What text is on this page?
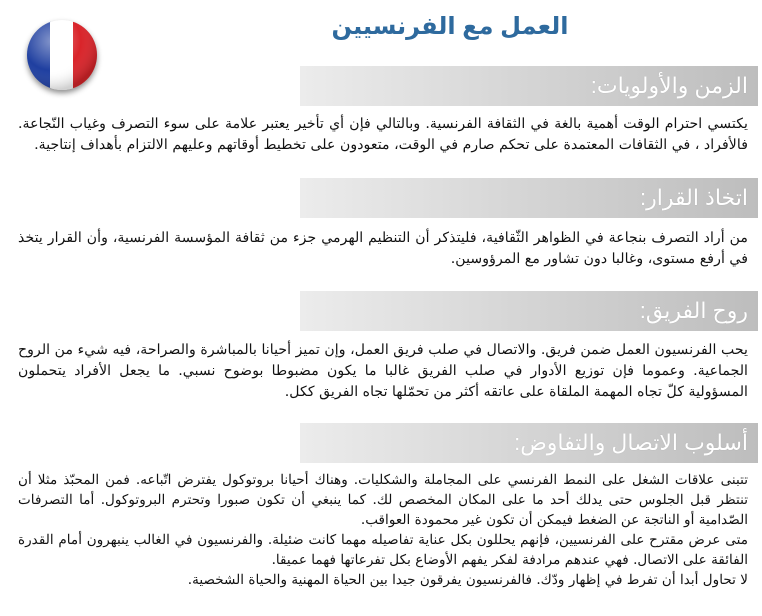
العمل مع الفرنسيين
الزمن والأولويات:

يكتسي احترام الوقت أهمية بالغة في الثقافة الفرنسية. وبالتالي فإن أي تأخير يعتبر علامة على سوء التصرف وغياب النّجاعة. فالأفراد ، في الثقافات المعتمدة على تحكم صارم في الوقت، متعودون على تخطيط أوقاتهم وعليهم الالتزام بأهداف إنتاجية.

اتخاذ القرار:

من أراد التصرف بنجاعة في الظواهر الثّقافية، فليتذكر أن التنظيم الهرمي جزء من ثقافة المؤسسة الفرنسية، وأن القرار يتخذ في أرفع مستوى، وغالبا دون تشاور مع المرؤوسين.

روح الفريق:

يحب الفرنسيون العمل ضمن فريق. والاتصال في صلب فريق العمل، وإن تميز أحيانا بالمباشرة والصراحة، فيه شيء من الروح الجماعية. وعموما فإن توزيع الأدوار في صلب الفريق غالبا ما يكون مضبوطا بوضوح نسبي. ما يجعل الأفراد يتحملون المسؤولية كلّ تجاه المهمة الملقاة على عاتقه أكثر من تحمّلها تجاه الفريق ككل.

أسلوب الاتصال والتفاوض:

تتبنى علاقات الشغل على النمط الفرنسي على المجاملة والشكليات. وهناك أحيانا بروتوكول يفترض اتّباعه. فمن المحبّذ مثلا أن تنتظر قبل الجلوس حتى يدلك أحد ما على المكان المخصص لك. كما ينبغي أن تكون صبورا وتحترم البروتوكول. أما التصرفات الصّدامية أو الناتجة عن الضغط فيمكن أن تكون غير محمودة العواقب.

متى عرض مقترح على الفرنسيين، فإنهم يحللون بكل عناية تفاصيله مهما كانت ضئيلة. والفرنسيون في الغالب ينبهرون أمام القدرة الفائقة على الاتصال. فهي عندهم مرادفة لفكر يفهم الأوضاع بكل تفرعاتها فهما عميقا.

لا تحاول أبدا أن تفرط في إظهار ودّك. فالفرنسيون يفرقون جيدا بين الحياة المهنية والحياة الشخصية.
